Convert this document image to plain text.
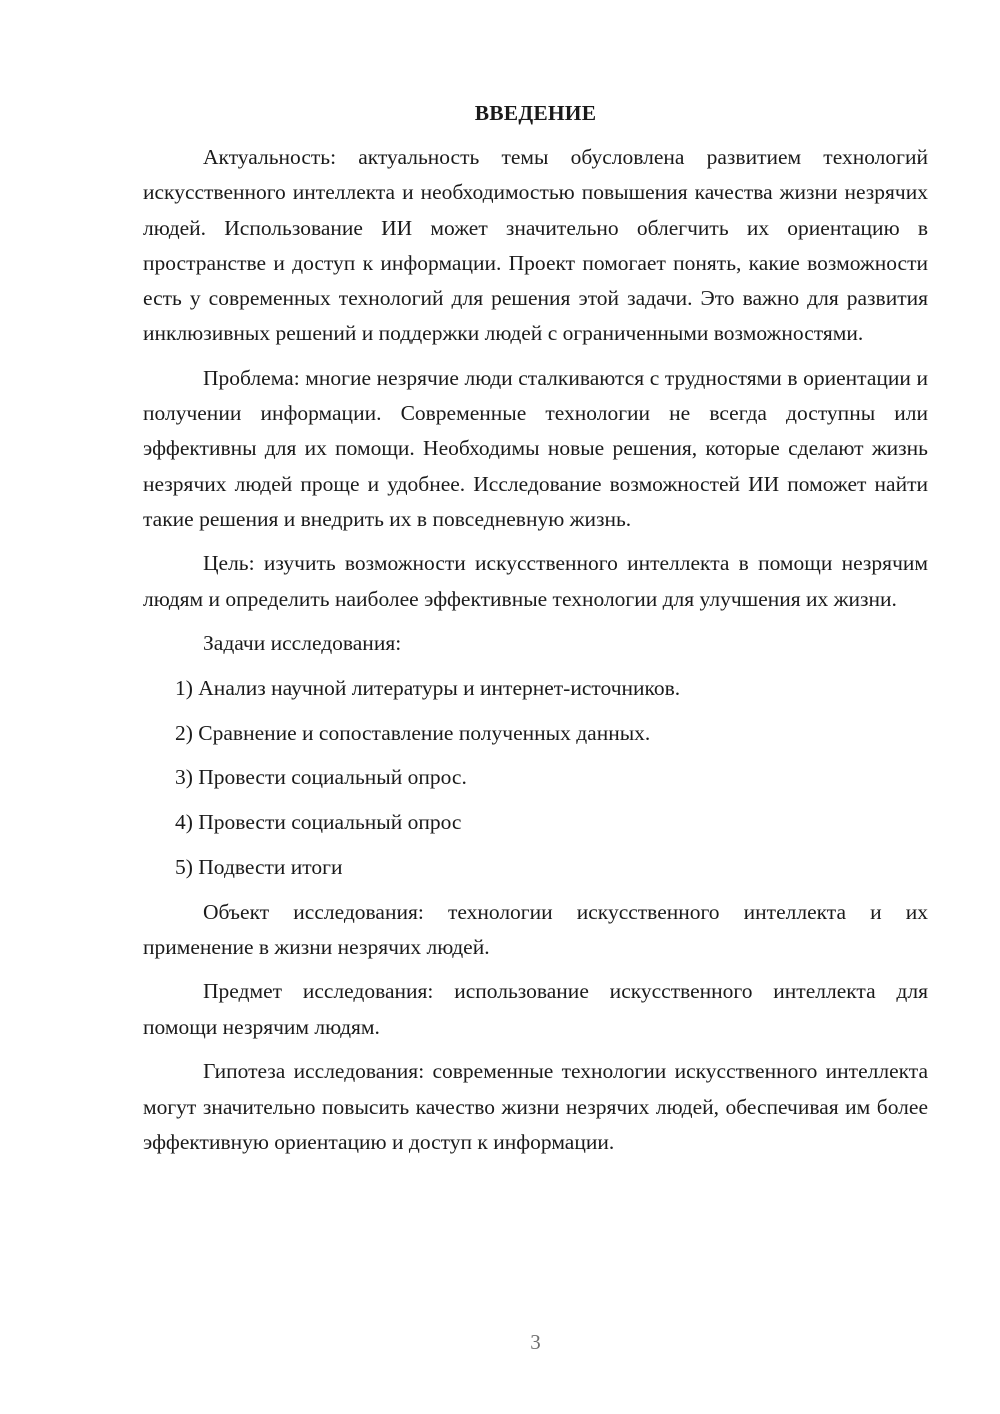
ВВЕДЕНИЕ

Актуальность: актуальность темы обусловлена развитием технологий искусственного интеллекта и необходимостью повышения качества жизни незрячих людей. Использование ИИ может значительно облегчить их ориентацию в пространстве и доступ к информации. Проект помогает понять, какие возможности есть у современных технологий для решения этой задачи. Это важно для развития инклюзивных решений и поддержки людей с ограниченными возможностями.

Проблема: многие незрячие люди сталкиваются с трудностями в ориентации и получении информации. Современные технологии не всегда доступны или эффективны для их помощи. Необходимы новые решения, которые сделают жизнь незрячих людей проще и удобнее. Исследование возможностей ИИ поможет найти такие решения и внедрить их в повседневную жизнь.

Цель: изучить возможности искусственного интеллекта в помощи незрячим людям и определить наиболее эффективные технологии для улучшения их жизни.

Задачи исследования:

1) Анализ научной литературы и интернет-источников.
2) Сравнение и сопоставление полученных данных.
3) Провести социальный опрос.
4) Провести социальный опрос
5) Подвести итоги

Объект исследования: технологии искусственного интеллекта и их применение в жизни незрячих людей.

Предмет исследования: использование искусственного интеллекта для помощи незрячим людям.

Гипотеза исследования: современные технологии искусственного интеллекта могут значительно повысить качество жизни незрячих людей, обеспечивая им более эффективную ориентацию и доступ к информации.

3
